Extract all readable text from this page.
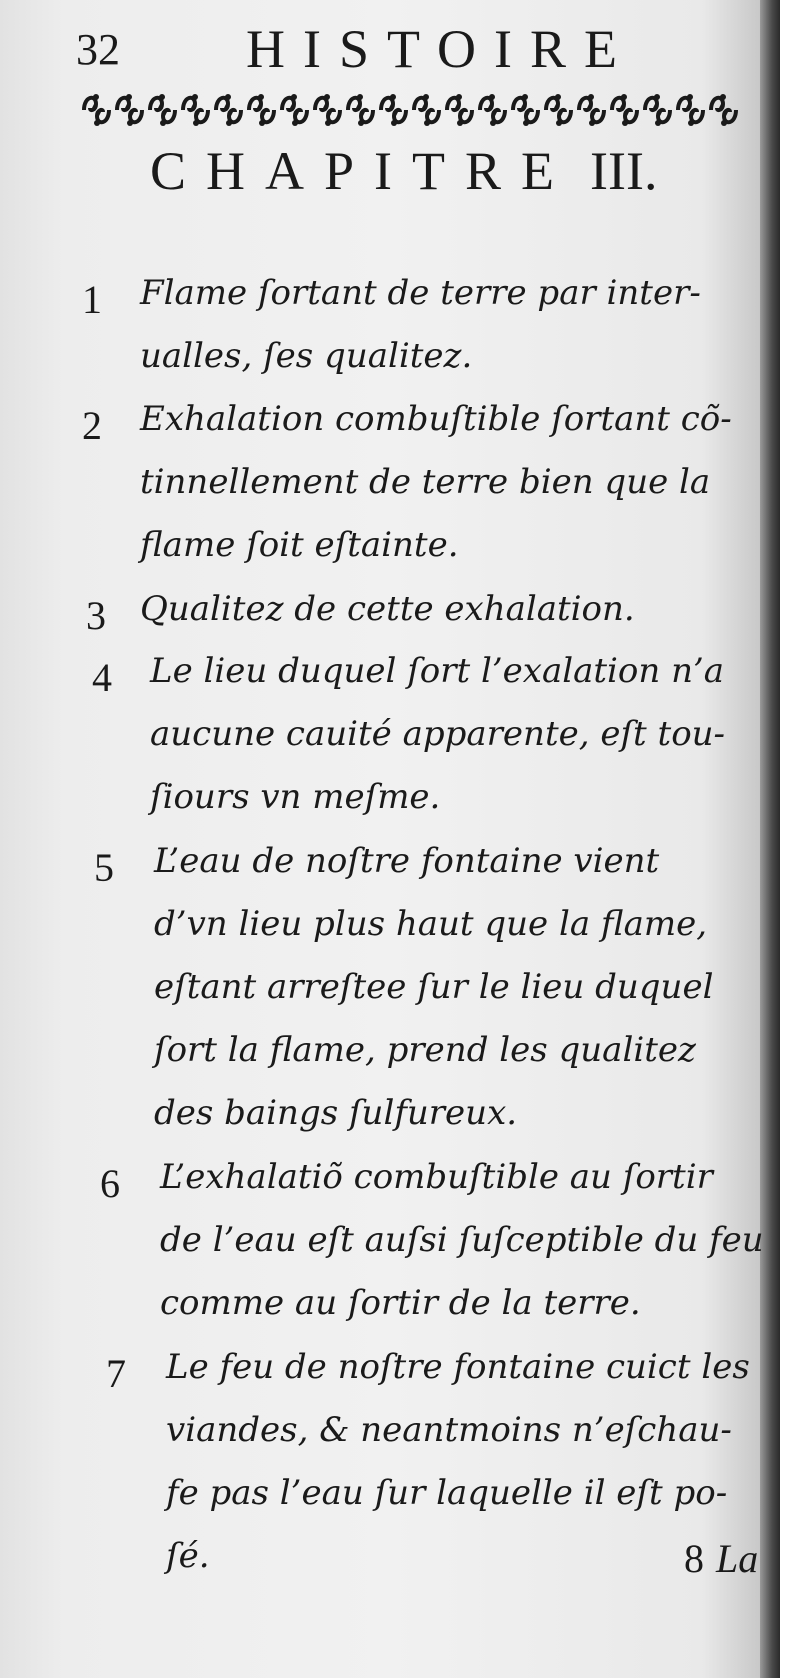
32 HISTOIRE
CHAPITRE III.
1 Flame ſortant de terre par inter-
ualles, ſes qualitez.
2 Exhalation combuſtible ſortant cõ-
tinnellement de terre bien que la
flame ſoit eſtainte.
3 Qualitez de cette exhalation.
4 Le lieu duquel ſort l’exalation n’a
aucune cauité apparente, eſt tou-
ſiours vn meſme.
5 L’eau de noſtre fontaine vient
d’vn lieu plus haut que la flame,
eſtant arreſtee ſur le lieu duquel
ſort la flame, prend les qualitez
des baings ſulfureux.
6 L’exhalatiõ combuſtible au ſortir
de l’eau eſt auſsi ſuſceptible du feu
comme au ſortir de la terre.
7 Le feu de noſtre fontaine cuict les
viandes, & neantmoins n’eſchau-
fe pas l’eau ſur laquelle il eſt po-
ſé.	8 La
